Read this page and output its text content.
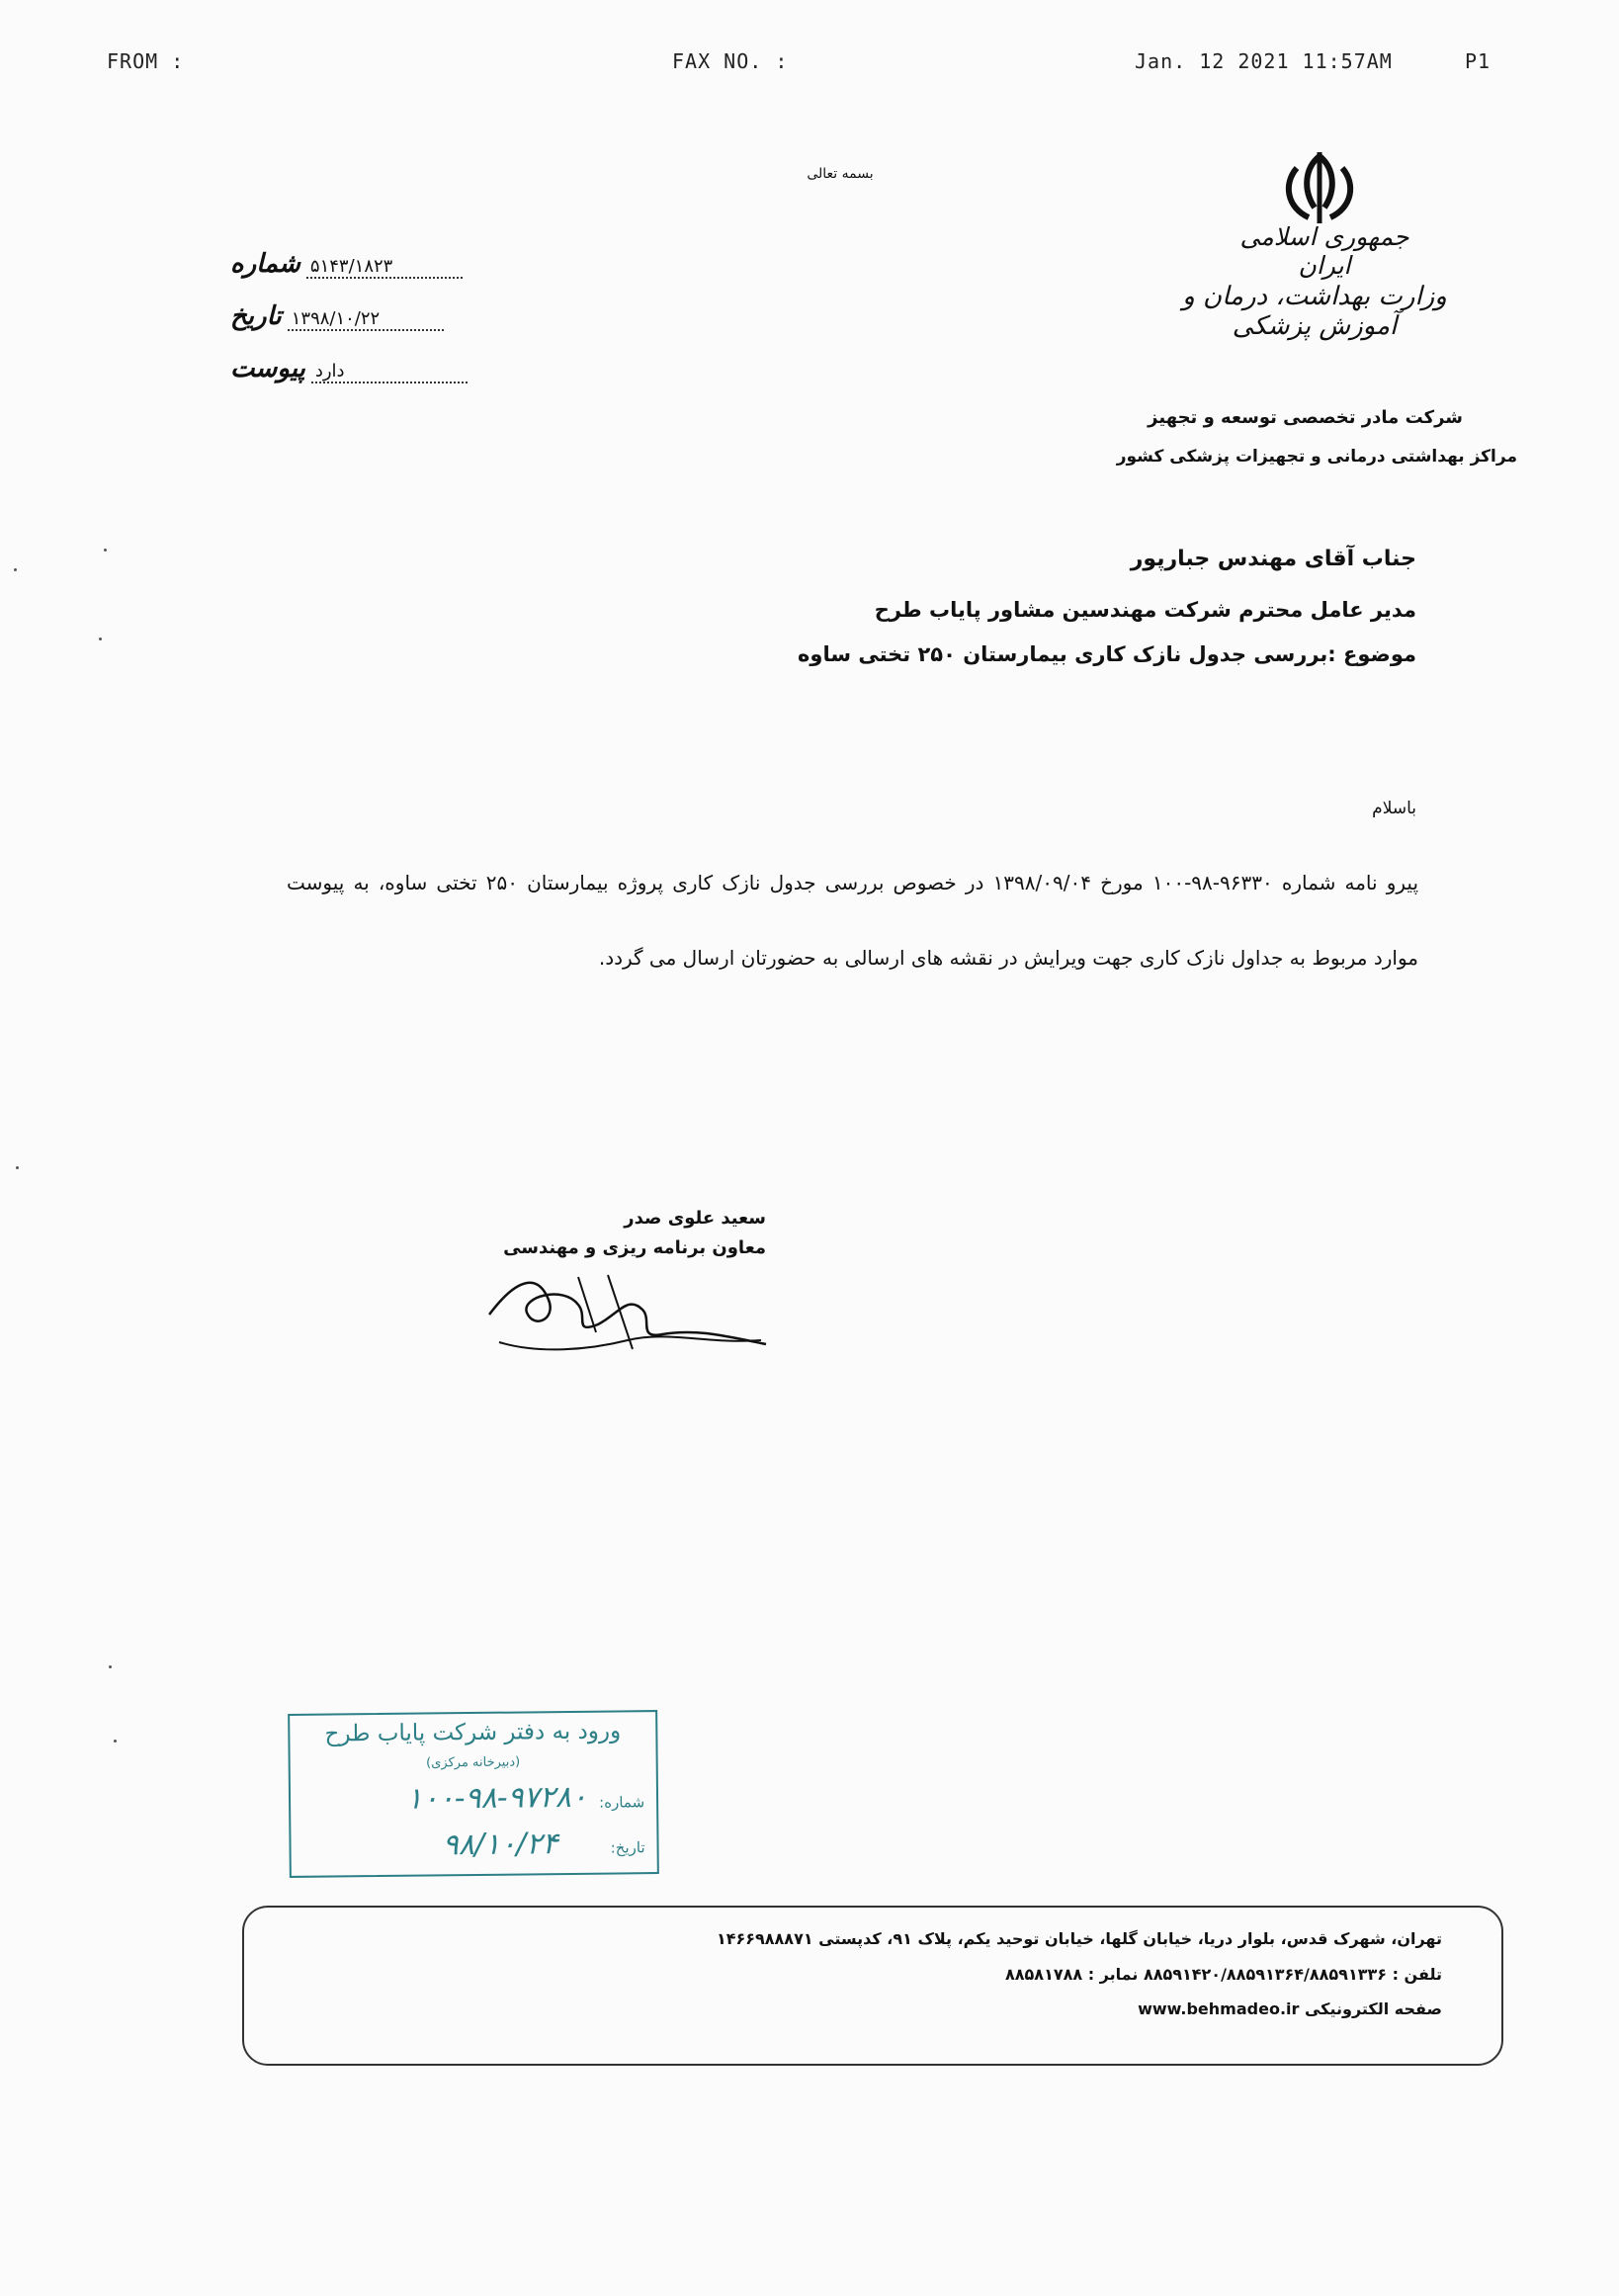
FROM :	FAX NO. :	Jan. 12 2021 11:57AM	P1
بسمه تعالی
جمهوری اسلامی ایران
وزارت بهداشت، درمان و آموزش پزشکی
شرکت مادر تخصصی توسعه و تجهیز
مراکز بهداشتی درمانی و تجهیزات پزشکی کشور
شماره ۵۱۴۳/۱۸۲۳
تاریخ ۱۳۹۸/۱۰/۲۲
پیوست دارد
جناب آقای مهندس جبارپور
مدیر عامل محترم شرکت مهندسین مشاور پایاب طرح
موضوع :بررسی جدول نازک کاری بیمارستان ۲۵۰ تختی ساوه
باسلام
پیرو نامه شماره ۹۶۳۳۰-۹۸-۱۰۰ مورخ ۱۳۹۸/۰۹/۰۴ در خصوص بررسی جدول نازک کاری پروژه بیمارستان ۲۵۰ تختی ساوه، به پیوست موارد مربوط به جداول نازک کاری جهت ویرایش در نقشه های ارسالی به حضورتان ارسال می گردد.
سعید علوی صدر
معاون برنامه ریزی و مهندسی
ورود به دفتر شرکت پایاب طرح
(دبیرخانه مرکزی)
شماره:
۱۰۰-۹۸-۹۷۲۸۰
تاریخ:
۹۸/۱۰/۲۴
تهران، شهرک قدس، بلوار دریا، خیابان گلها، خیابان توحید یکم، پلاک ۹۱، کدپستی ۱۴۶۶۹۸۸۸۷۱
تلفن : ۸۸۵۹۱۴۲۰/۸۸۵۹۱۳۶۴/۸۸۵۹۱۳۳۶ نمابر : ۸۸۵۸۱۷۸۸
صفحه الکترونیکی www.behmadeo.ir
